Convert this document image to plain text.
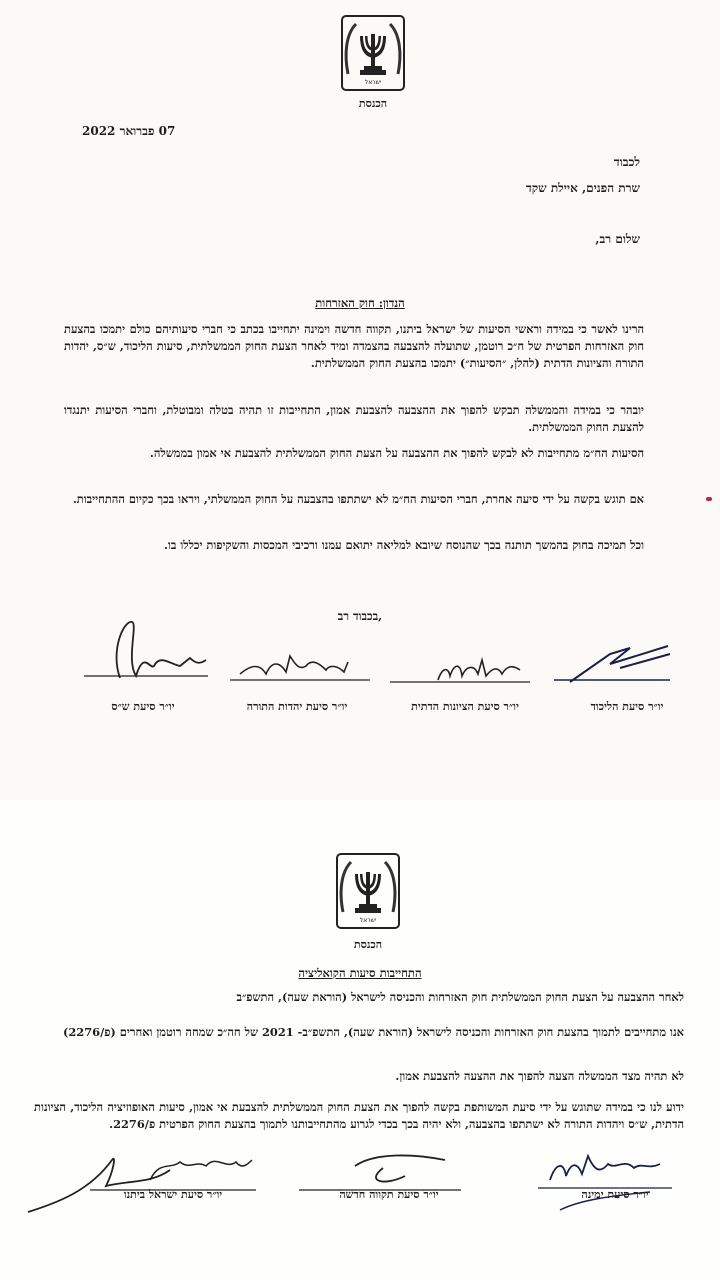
ישראל
הכנסת
07 פברואר 2022
לכבוד
שרת הפנים, איילת שקד
שלום רב,
הנדון: חוק האזרחות
הרינו לאשר כי במידה וראשי הסיעות של ישראל ביתנו, תקווה חדשה וימינה יתחייבו בכתב כי חברי סיעותיהם כולם יתמכו בהצעת חוק האזרחות הפרטית של ח״כ רוטמן, שתועלה להצבעה בהצמדה ומיד לאחר הצעת החוק הממשלתית, סיעות הליכוד, ש״ס, יהדות התורה והציונות הדתית (להלן, ״הסיעות״) יתמכו בהצעת החוק הממשלתית.
יובהר כי במידה והממשלה תבקש להפוך את ההצבעה להצבעת אמון, התחייבות זו תהיה בטלה ומבוטלת, וחברי הסיעות יתנגדו להצעת החוק הממשלתית.
הסיעות הח״מ מתחייבות לא לבקש להפוך את ההצבעה על הצעת החוק הממשלתית להצבעת אי אמון בממשלה.
אם תוגש בקשה על ידי סיעה אחרת, חברי הסיעות הח״מ לא ישתתפו בהצבעה על החוק הממשלתי, ויראו בכך כקיום ההתחייבות.
וכל תמיכה בחוק בהמשך תותנה בכך שהנוסח שיובא למליאה יתואם עמנו ורכיבי המכסות והשקיפות יכללו בו.
בכבוד רב,
יו״ר סיעת הליכוד
יו״ר סיעת הציונות הדתית
יו״ר סיעת יהדות התורה
יו״ר סיעת ש״ס
ישראל
הכנסת
התחייבות סיעות הקואליציה
לאחר ההצבעה על הצעת החוק הממשלתית חוק האזרחות והכניסה לישראל (הוראת שעה), התשפ״ב
אנו מתחייבים לתמוך בהצעת חוק האזרחות והכניסה לישראל (הוראת שעה), התשפ״ב- 2021 של חה״כ שמחה רוטמן ואחרים (פ/2276)
לא תהיה מצד הממשלה הצעה להפוך את ההצעה להצבעת אמון.
ידוע לנו כי במידה שתוגש על ידי סיעת המשותפת בקשה להפוך את הצעת החוק הממשלתית להצבעת אי אמון, סיעות האופוזיציה הליכוד, הציונות הדתית, ש״ס ויהדות התורה לא ישתתפו בהצבעה, ולא יהיה בכך בכדי לגרוע מהתחייבותנו לתמוך בהצעת החוק הפרטית פ/2276.
יו״ר סיעת ישראל ביתנו	יו״ר סיעת תקווה חדשה	יו״ר סיעת ימינה
